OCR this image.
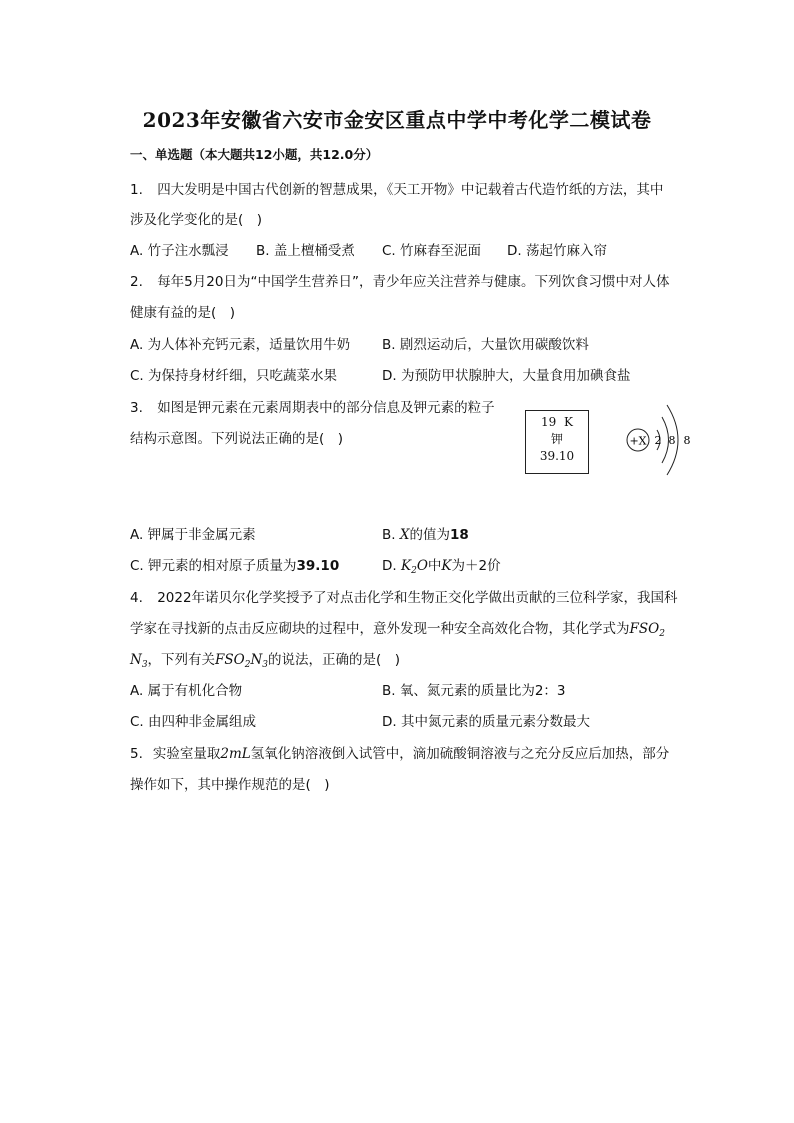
2023年安徽省六安市金安区重点中学中考化学二模试卷
一、单选题（本大题共12小题，共12.0分）
1. 四大发明是中国古代创新的智慧成果，《天工开物》中记载着古代造竹纸的方法，其中
涉及化学变化的是(　)
A. 竹子注水瓢浸 B. 盖上檀桶受煮 C. 竹麻舂至泥面 D. 荡起竹麻入帘
2. 每年5月20日为“中国学生营养日”，青少年应关注营养与健康。下列饮食习惯中对人体
健康有益的是(　)
A. 为人体补充钙元素，适量饮用牛奶 B. 剧烈运动后，大量饮用碳酸饮料
C. 为保持身材纤细，只吃蔬菜水果	D. 为预防甲状腺肿大，大量食用加碘食盐
3. 如图是钾元素在元素周期表中的部分信息及钾元素的粒子
结构示意图。下列说法正确的是(　)
19 K
钾
39.10
+X 2 8 8
A. 钾属于非金属元素	B. X的值为18
C. 钾元素的相对原子质量为39.10	D. $K_2O$中K为＋2价
4. 2022年诺贝尔化学奖授予了对点击化学和生物正交化学做出贡献的三位科学家，我国科
学家在寻找新的点击反应砌块的过程中，意外发现一种安全高效化合物，其化学式为$FSO_2$
$N_3$，下列有关$FSO_2N_3$的说法，正确的是(　)
A. 属于有机化合物	B. 氧、氮元素的质量比为2：3
C. 由四种非金属组成	D. 其中氮元素的质量元素分数最大
5. 实验室量取2mL氢氧化钠溶液倒入试管中，滴加硫酸铜溶液与之充分反应后加热，部分
操作如下，其中操作规范的是(　)
